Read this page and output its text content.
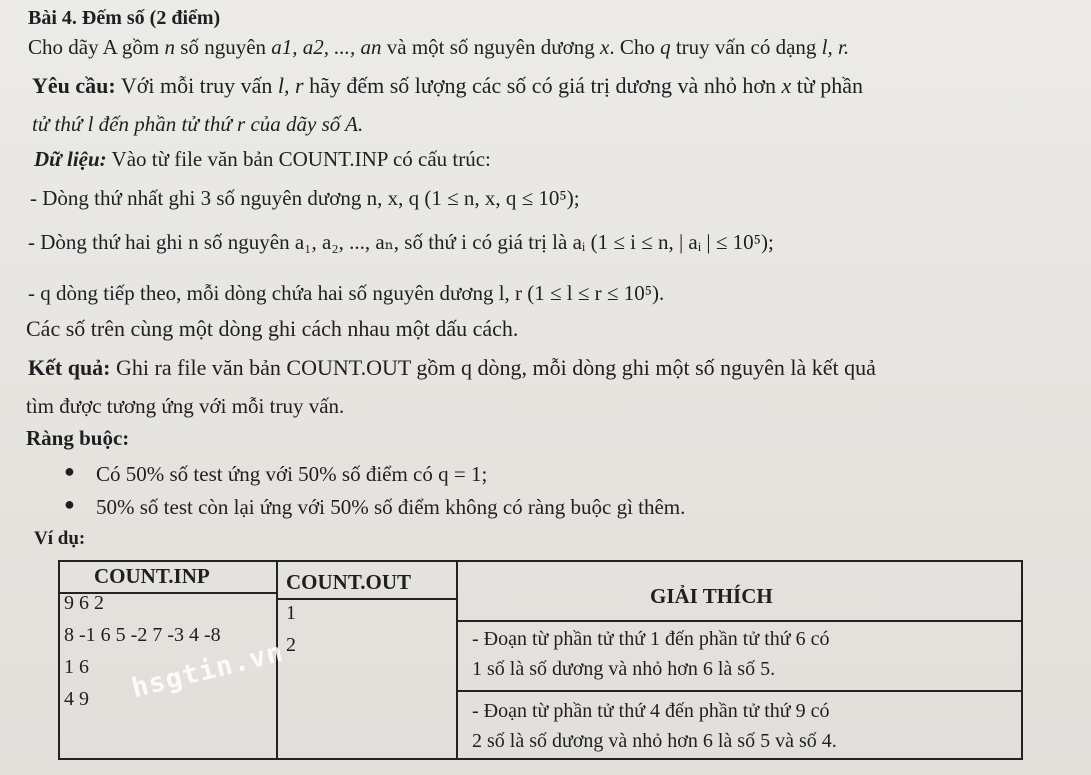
Bài 4. Đếm số (2 điểm)
Cho dãy A gồm n số nguyên a1, a2, ..., an và một số nguyên dương x. Cho q truy vấn có dạng l, r.
Yêu cầu: Với mỗi truy vấn l, r hãy đếm số lượng các số có giá trị dương và nhỏ hơn x từ phần
tử thứ l đến phần tử thứ r của dãy số A.
Dữ liệu: Vào từ file văn bản COUNT.INP có cấu trúc:
- Dòng thứ nhất ghi 3 số nguyên dương n, x, q (1 ≤ n, x, q ≤ 10⁵);
- Dòng thứ hai ghi n số nguyên a₁, a₂, ..., aₙ, số thứ i có giá trị là aᵢ (1 ≤ i ≤ n, | aᵢ | ≤ 10⁵);
- q dòng tiếp theo, mỗi dòng chứa hai số nguyên dương l, r (1 ≤ l ≤ r ≤ 10⁵).
Các số trên cùng một dòng ghi cách nhau một dấu cách.
Kết quả: Ghi ra file văn bản COUNT.OUT gồm q dòng, mỗi dòng ghi một số nguyên là kết quả
tìm được tương ứng với mỗi truy vấn.
Ràng buộc:
● Có 50% số test ứng với 50% số điểm có q = 1;
● 50% số test còn lại ứng với 50% số điểm không có ràng buộc gì thêm.
Ví dụ:
COUNT.INP	COUNT.OUT
GIẢI THÍCH
9 6 2
8 -1 6 5 -2 7 -3 4 -8
1 6
4 9
1
2	- Đoạn từ phần tử thứ 1 đến phần tử thứ 6 có
1 số là số dương và nhỏ hơn 6 là số 5.
- Đoạn từ phần tử thứ 4 đến phần tử thứ 9 có
2 số là số dương và nhỏ hơn 6 là số 5 và số 4.
hsgtin.vn
